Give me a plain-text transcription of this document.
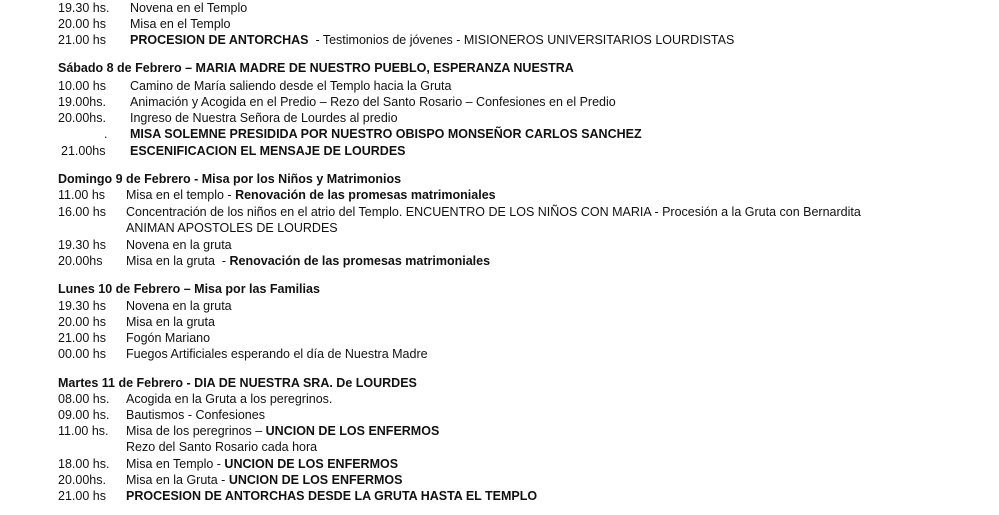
19.30 hs. Novena en el Templo
20.00 hs Misa en el Templo
21.00 hs PROCESION DE ANTORCHAS  - Testimonios de jóvenes - MISIONEROS UNIVERSITARIOS LOURDISTAS
Sábado 8 de Febrero – MARIA MADRE DE NUESTRO PUEBLO, ESPERANZA NUESTRA
10.00 hs Camino de María saliendo desde el Templo hacia la Gruta
19.00hs. Animación y Acogida en el Predio – Rezo del Santo Rosario – Confesiones en el Predio
20.00hs. Ingreso de Nuestra Señora de Lourdes al predio
. MISA SOLEMNE PRESIDIDA POR NUESTRO OBISPO MONSEÑOR CARLOS SANCHEZ
21.00hs ESCENIFICACION EL MENSAJE DE LOURDES
Domingo 9 de Febrero - Misa por los Niños y Matrimonios
11.00 hs Misa en el templo - Renovación de las promesas matrimoniales
16.00 hs Concentración de los niños en el atrio del Templo. ENCUENTRO DE LOS NIÑOS CON MARIA - Procesión a la Gruta con Bernardita
ANIMAN APOSTOLES DE LOURDES
19.30 hs Novena en la gruta
20.00hs Misa en la gruta  - Renovación de las promesas matrimoniales
Lunes 10 de Febrero – Misa por las Familias
19.30 hs Novena en la gruta
20.00 hs Misa en la gruta
21.00 hs Fogón Mariano
00.00 hs Fuegos Artificiales esperando el día de Nuestra Madre
Martes 11 de Febrero - DIA DE NUESTRA SRA. De LOURDES
08.00 hs. Acogida en la Gruta a los peregrinos.
09.00 hs. Bautismos - Confesiones
11.00 hs. Misa de los peregrinos – UNCION DE LOS ENFERMOS
Rezo del Santo Rosario cada hora
18.00 hs. Misa en Templo - UNCION DE LOS ENFERMOS
20.00hs. Misa en la Gruta - UNCION DE LOS ENFERMOS
21.00 hs PROCESION DE ANTORCHAS DESDE LA GRUTA HASTA EL TEMPLO
